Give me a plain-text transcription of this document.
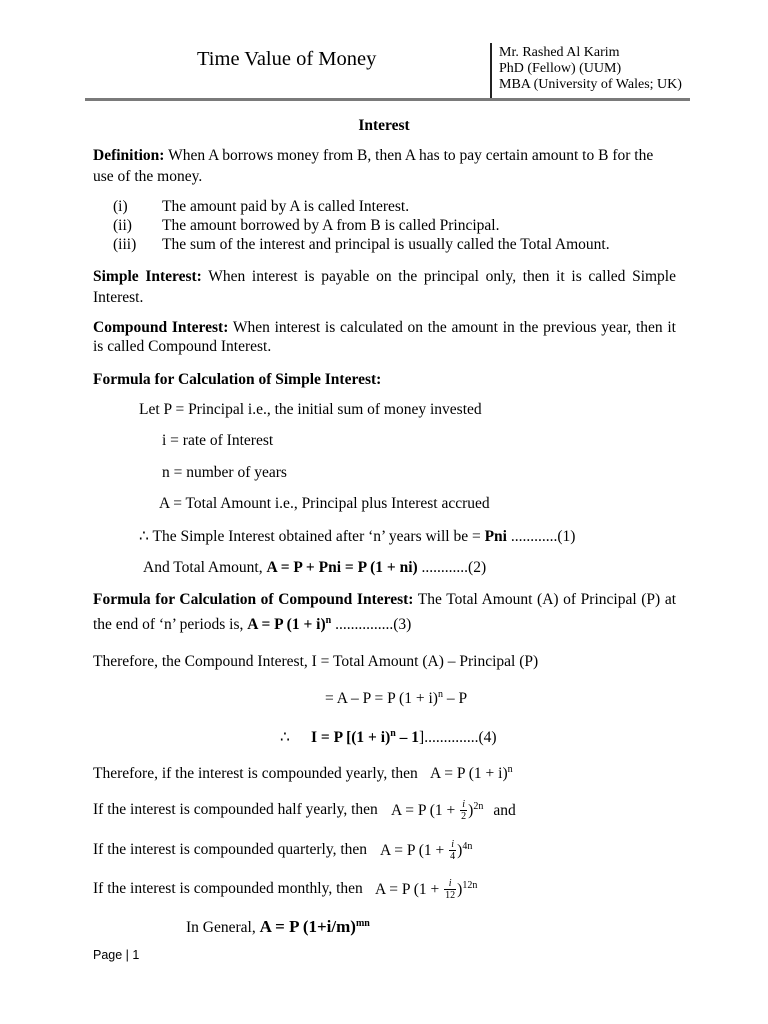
Time Value of Money	Mr. Rashed Al Karim
PhD (Fellow) (UUM)
MBA (University of Wales; UK)
Interest
Definition: When A borrows money from B, then A has to pay certain amount to B for the
use of the money.
(i) The amount paid by A is called Interest.
(ii) The amount borrowed by A from B is called Principal.
(iii) The sum of the interest and principal is usually called the Total Amount.
Simple Interest: When interest is payable on the principal only, then it is called Simple
Interest.
Compound Interest: When interest is calculated on the amount in the previous year, then it
is called Compound Interest.
Formula for Calculation of Simple Interest:
Let P = Principal i.e., the initial sum of money invested
i = rate of Interest
n = number of years
A = Total Amount i.e., Principal plus Interest accrued
∴ The Simple Interest obtained after ‘n’ years will be = Pni ............(1)
And Total Amount, A = P + Pni = P (1 + ni) ............(2)
Formula for Calculation of Compound Interest: The Total Amount (A) of Principal (P) at
the end of ‘n’ periods is, A = P $(1 + i)^n$ ...............(3)
Therefore, the Compound Interest, I = Total Amount (A) – Principal (P)
= A – P = P $(1 + i)^n - P$
∴ I = P $[(1 + i)^n - 1]..............(4)$
Therefore, if the interest is compounded yearly, then A = P $(1 + i)^n$
If the interest is compounded half yearly, then A = P $(1 + \frac{i}{2} )^{2n}$ and
If the interest is compounded quarterly, then A = P $(1 + \frac{i}{4} )^{4n}$
If the interest is compounded monthly, then A = P $(1 + \frac{i}{12} )^{12n}$
In General, A = P $(1+i/m)^{mn}$
Page | 1
